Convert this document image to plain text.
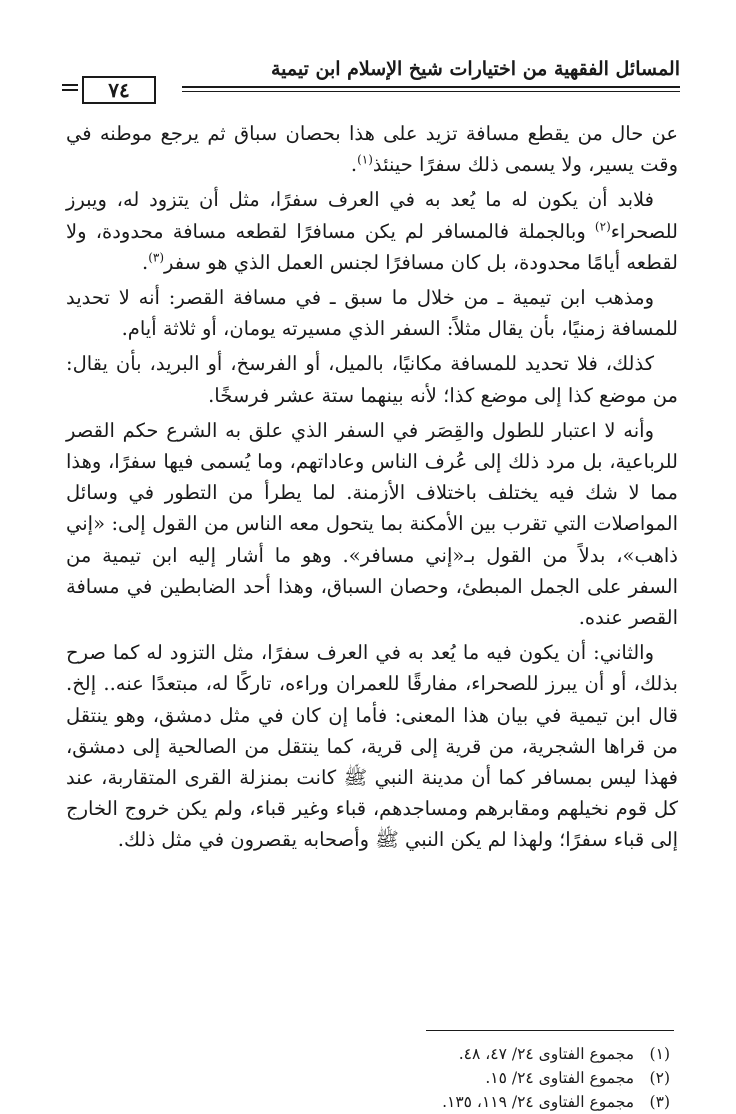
المسائل الفقهية من اختيارات شيخ الإسلام ابن تيمية
٧٤

عن حال من يقطع مسافة تزيد على هذا بحصان سباق ثم يرجع موطنه في وقت يسير، ولا يسمى ذلك سفرًا حينئذ$^{(١)}$.

فلابد أن يكون له ما يُعد به في العرف سفرًا، مثل أن يتزود له، ويبرز للصحراء$^{(٢)}$ وبالجملة فالمسافر لم يكن مسافرًا لقطعه مسافة محدودة، ولا لقطعه أيامًا محدودة، بل كان مسافرًا لجنس العمل الذي هو سفر$^{(٣)}$.

ومذهب ابن تيمية ـ من خلال ما سبق ـ في مسافة القصر: أنه لا تحديد للمسافة زمنيًا، بأن يقال مثلاً: السفر الذي مسيرته يومان، أو ثلاثة أيام.

كذلك، فلا تحديد للمسافة مكانيًا، بالميل، أو الفرسخ، أو البريد، بأن يقال: من موضع كذا إلى موضع كذا؛ لأنه بينهما ستة عشر فرسخًا.

وأنه لا اعتبار للطول والقِصَر في السفر الذي علق به الشرع حكم القصر للرباعية، بل مرد ذلك إلى عُرف الناس وعاداتهم، وما يُسمى فيها سفرًا، وهذا مما لا شك فيه يختلف باختلاف الأزمنة. لما يطرأ من التطور في وسائل المواصلات التي تقرب بين الأمكنة بما يتحول معه الناس من القول إلى: «إني ذاهب»، بدلاً من القول بـ«إني مسافر». وهو ما أشار إليه ابن تيمية من السفر على الجمل المبطئ، وحصان السباق، وهذا أحد الضابطين في مسافة القصر عنده.

والثاني: أن يكون فيه ما يُعد به في العرف سفرًا، مثل التزود له كما صرح بذلك، أو أن يبرز للصحراء، مفارقًا للعمران وراءه، تاركًا له، مبتعدًا عنه.. إلخ. قال ابن تيمية في بيان هذا المعنى: فأما إن كان في مثل دمشق، وهو ينتقل من قراها الشجرية، من قرية إلى قرية، كما ينتقل من الصالحية إلى دمشق، فهذا ليس بمسافر كما أن مدينة النبي ﷺ كانت بمنزلة القرى المتقاربة، عند كل قوم نخيلهم ومقابرهم ومساجدهم، قباء وغير قباء، ولم يكن خروج الخارج إلى قباء سفرًا؛ ولهذا لم يكن النبي ﷺ وأصحابه يقصرون في مثل ذلك.

(١)
مجموع الفتاوى ٢٤/ ٤٧، ٤٨.
(٢)
مجموع الفتاوى ٢٤/ ١٥.
(٣)
مجموع الفتاوى ٢٤/ ١١٩، ١٣٥.
